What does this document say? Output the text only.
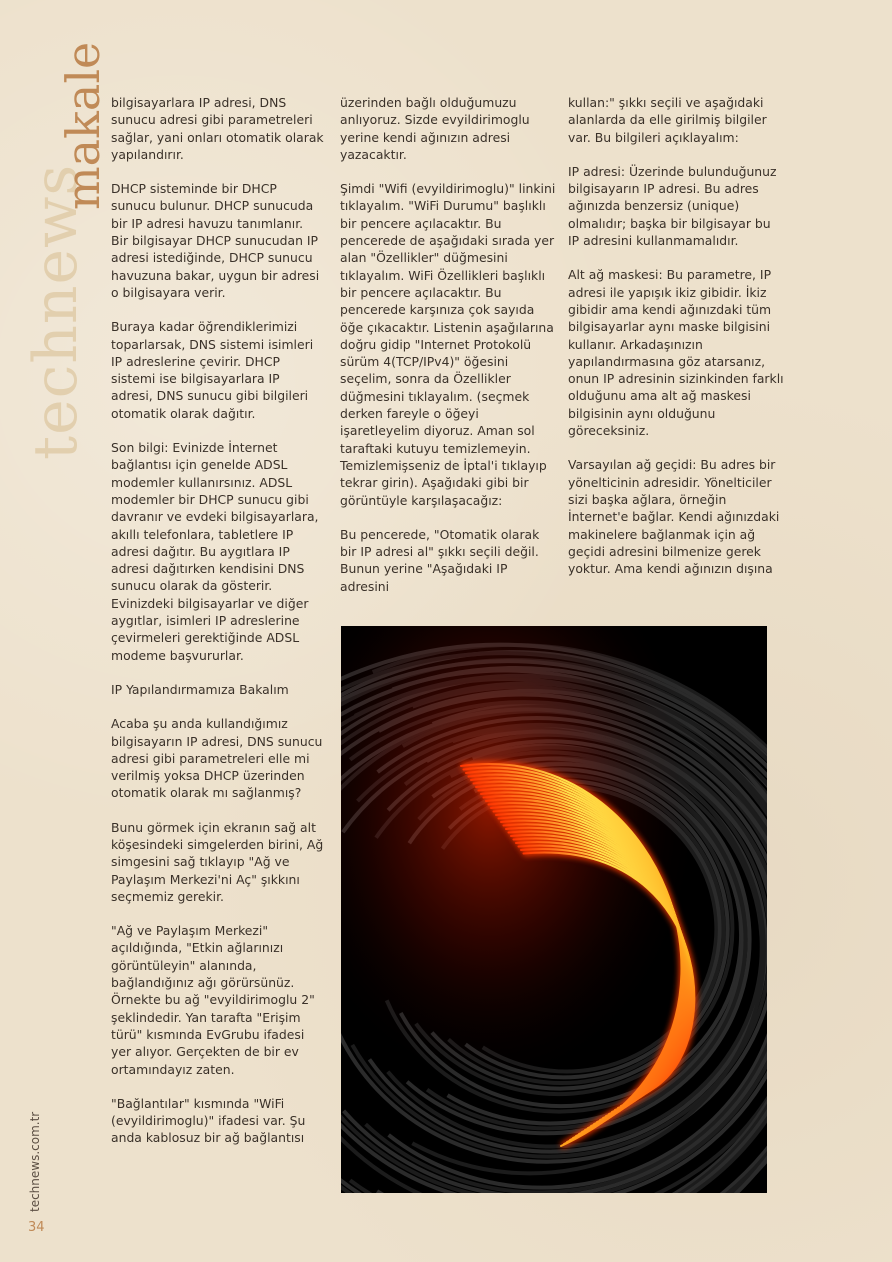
technews
makale
technews.com.tr
34

bilgisayarlara IP adresi, DNS sunucu adresi gibi parametreleri sağlar, yani onları otomatik olarak yapılandırır.

DHCP sisteminde bir DHCP sunucu bulunur. DHCP sunucuda bir IP adresi havuzu tanımlanır. Bir bilgisayar DHCP sunucudan IP adresi istediğinde, DHCP sunucu havuzuna bakar, uygun bir adresi o bilgisayara verir.

Buraya kadar öğrendiklerimizi toparlarsak, DNS sistemi isimleri IP adreslerine çevirir. DHCP sistemi ise bilgisayarlara IP adresi, DNS sunucu gibi bilgileri otomatik olarak dağıtır.

Son bilgi: Evinizde İnternet bağlantısı için genelde ADSL modemler kullanırsınız. ADSL modemler bir DHCP sunucu gibi davranır ve evdeki bilgisayarlara, akıllı telefonlara, tabletlere IP adresi dağıtır. Bu aygıtlara IP adresi dağıtırken kendisini DNS sunucu olarak da gösterir. Evinizdeki bilgisayarlar ve diğer aygıtlar, isimleri IP adreslerine çevirmeleri gerektiğinde ADSL modeme başvururlar.

IP Yapılandırmamıza Bakalım

Acaba şu anda kullandığımız bilgisayarın IP adresi, DNS sunucu adresi gibi parametreleri elle mi verilmiş yoksa DHCP üzerinden otomatik olarak mı sağlanmış?

Bunu görmek için ekranın sağ alt köşesindeki simgelerden birini, Ağ simgesini sağ tıklayıp "Ağ ve Paylaşım Merkezi'ni Aç" şıkkını seçmemiz gerekir.

"Ağ ve Paylaşım Merkezi" açıldığında, "Etkin ağlarınızı görüntüleyin" alanında, bağlandığınız ağı görürsünüz. Örnekte bu ağ "evyildirimoglu 2" şeklindedir. Yan tarafta "Erişim türü" kısmında EvGrubu ifadesi yer alıyor. Gerçekten de bir ev ortamındayız zaten.

"Bağlantılar" kısmında "WiFi (evyildirimoglu)" ifadesi var. Şu anda kablosuz bir ağ bağlantısı

üzerinden bağlı olduğumuzu anlıyoruz. Sizde evyildirimoglu yerine kendi ağınızın adresi yazacaktır.

Şimdi "Wifi (evyildirimoglu)" linkini tıklayalım. "WiFi Durumu" başlıklı bir pencere açılacaktır. Bu pencerede de aşağıdaki sırada yer alan "Özellikler" düğmesini tıklayalım. WiFi Özellikleri başlıklı bir pencere açılacaktır. Bu pencerede karşınıza çok sayıda öğe çıkacaktır. Listenin aşağılarına doğru gidip "Internet Protokolü sürüm 4(TCP/IPv4)" öğesini seçelim, sonra da Özellikler düğmesini tıklayalım. (seçmek derken fareyle o öğeyi işaretleyelim diyoruz. Aman sol taraftaki kutuyu temizlemeyin. Temizlemişseniz de İptal'i tıklayıp tekrar girin). Aşağıdaki gibi bir görüntüyle karşılaşacağız:

Bu pencerede, "Otomatik olarak bir IP adresi al" şıkkı seçili değil. Bunun yerine "Aşağıdaki IP adresini

kullan:" şıkkı seçili ve aşağıdaki alanlarda da elle girilmiş bilgiler var. Bu bilgileri açıklayalım:

IP adresi: Üzerinde bulunduğunuz bilgisayarın IP adresi. Bu adres ağınızda benzersiz (unique) olmalıdır; başka bir bilgisayar bu IP adresini kullanmamalıdır.

Alt ağ maskesi: Bu parametre, IP adresi ile yapışık ikiz gibidir. İkiz gibidir ama kendi ağınızdaki tüm bilgisayarlar aynı maske bilgisini kullanır. Arkadaşınızın yapılandırmasına göz atarsanız, onun IP adresinin sizinkinden farklı olduğunu ama alt ağ maskesi bilgisinin aynı olduğunu göreceksiniz.

Varsayılan ağ geçidi: Bu adres bir yönelticinin adresidir. Yönelticiler sizi başka ağlara, örneğin İnternet'e bağlar. Kendi ağınızdaki makinelere bağlanmak için ağ geçidi adresini bilmenize gerek yoktur. Ama kendi ağınızın dışına
